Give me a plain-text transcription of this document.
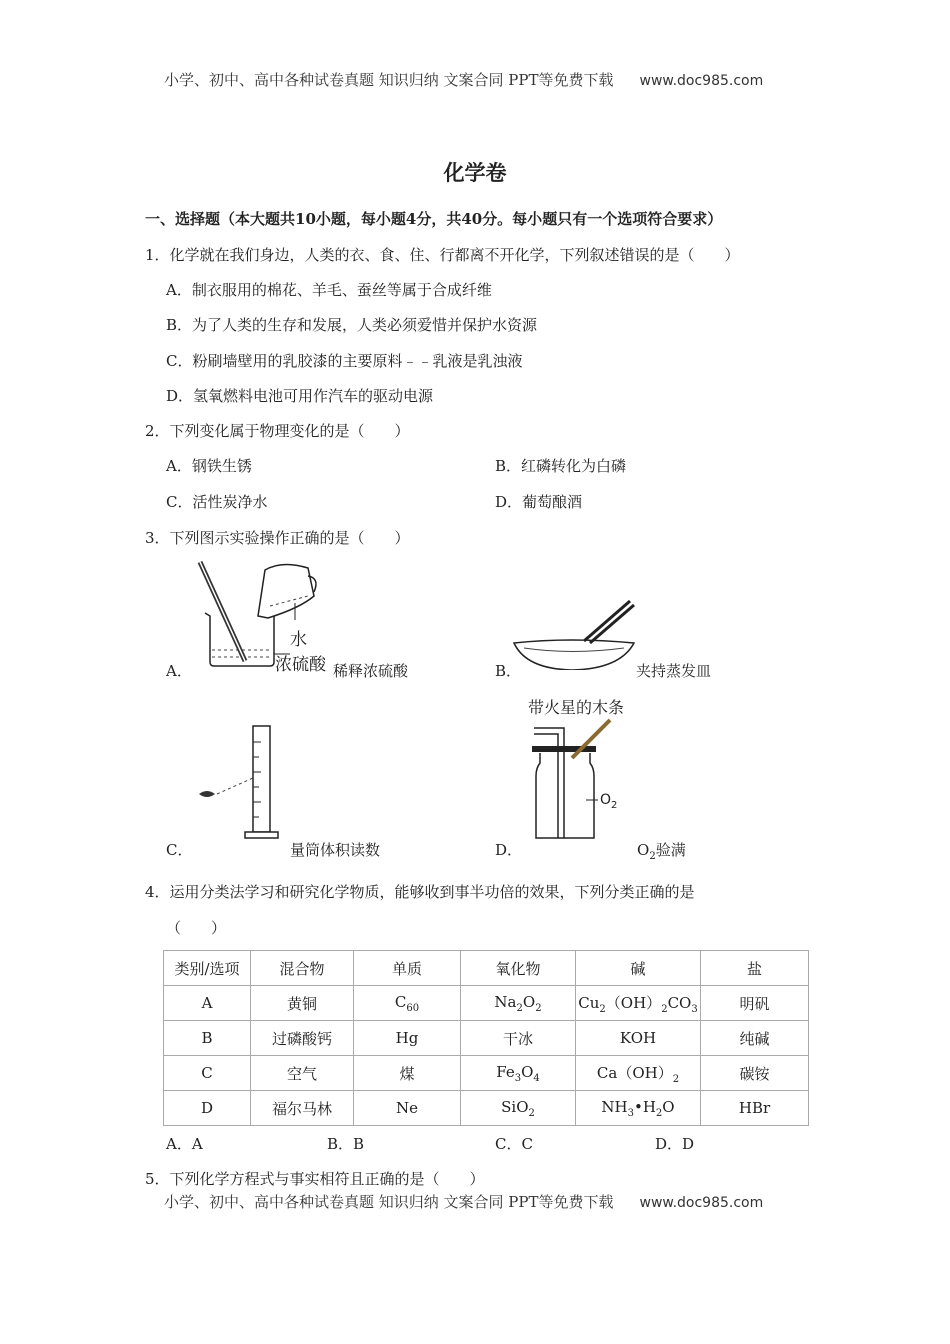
小学、初中、高中各种试卷真题 知识归纳 文案合同 PPT等免费下载 www.doc985.com
化学卷
一、选择题（本大题共10小题，每小题4分，共40分。每小题只有一个选项符合要求）
1．化学就在我们身边，人类的衣、食、住、行都离不开化学，下列叙述错误的是（　　）
A．制衣服用的棉花、羊毛、蚕丝等属于合成纤维
B．为了人类的生存和发展，人类必须爱惜并保护水资源
C．粉刷墙壁用的乳胶漆的主要原料﹣﹣乳液是乳浊液
D．氢氧燃料电池可用作汽车的驱动电源
2．下列变化属于物理变化的是（　　）
A．钢铁生锈	B．红磷转化为白磷
C．活性炭净水	D．葡萄酿酒
3．下列图示实验操作正确的是（　　）
水
浓硫酸
A．	稀释浓硫酸	B．	夹持蒸发皿
C．	量筒体积读数
带火星的木条
$O_2$
D．	$O_2$验满
4．运用分类法学习和研究化学物质，能够收到事半功倍的效果，下列分类正确的是
（　　）
类别/选项	混合物	单质	氧化物	碱	盐
A	黄铜	$C_{60}$	$Na_2O_2$	$Cu_2(OH)_2CO_3$	明矾
B	过磷酸钙	Hg	干冰	KOH	纯碱
C	空气	煤	$Fe_3O_4$	$Ca(OH)_2$	碳铵
D	福尔马林	Ne	SiO$_2$	$NH_3•H_2O$	HBr
A．A	B．B	C．C	D．D
5．下列化学方程式与事实相符且正确的是（　　）
小学、初中、高中各种试卷真题 知识归纳 文案合同 PPT等免费下载 www.doc985.com
